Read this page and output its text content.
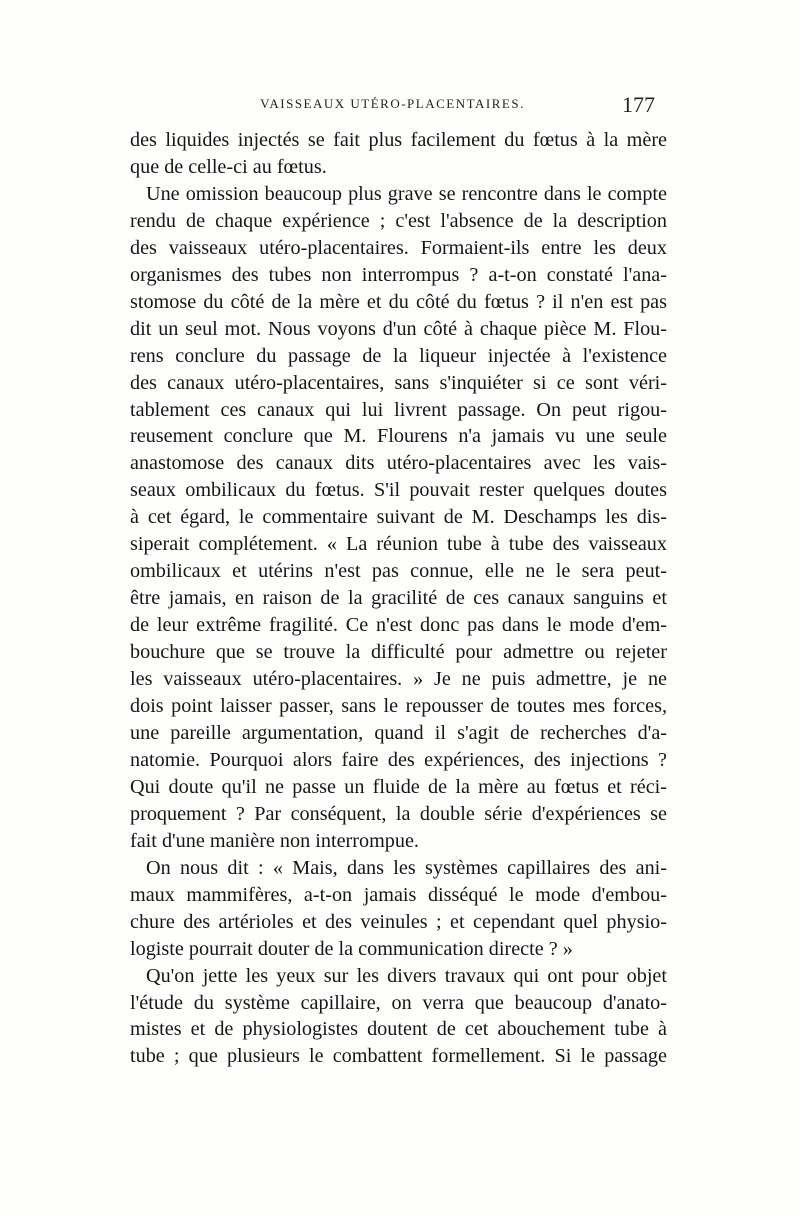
VAISSEAUX UTÉRO-PLACENTAIRES.	177

des liquides injectés se fait plus facilement du fœtus à la mère
que de celle-ci au fœtus.

Une omission beaucoup plus grave se rencontre dans le compte
rendu de chaque expérience ; c'est l'absence de la description
des vaisseaux utéro-placentaires. Formaient-ils entre les deux
organismes des tubes non interrompus ? a-t-on constaté l'ana-
stomose du côté de la mère et du côté du fœtus ? il n'en est pas
dit un seul mot. Nous voyons d'un côté à chaque pièce M. Flou-
rens conclure du passage de la liqueur injectée à l'existence
des canaux utéro-placentaires, sans s'inquiéter si ce sont véri-
tablement ces canaux qui lui livrent passage. On peut rigou-
reusement conclure que M. Flourens n'a jamais vu une seule
anastomose des canaux dits utéro-placentaires avec les vais-
seaux ombilicaux du fœtus. S'il pouvait rester quelques doutes
à cet égard, le commentaire suivant de M. Deschamps les dis-
siperait complétement. « La réunion tube à tube des vaisseaux
ombilicaux et utérins n'est pas connue, elle ne le sera peut-
être jamais, en raison de la gracilité de ces canaux sanguins et
de leur extrême fragilité. Ce n'est donc pas dans le mode d'em-
bouchure que se trouve la difficulté pour admettre ou rejeter
les vaisseaux utéro-placentaires. » Je ne puis admettre, je ne
dois point laisser passer, sans le repousser de toutes mes forces,
une pareille argumentation, quand il s'agit de recherches d'a-
natomie. Pourquoi alors faire des expériences, des injections ?
Qui doute qu'il ne passe un fluide de la mère au fœtus et réci-
proquement ? Par conséquent, la double série d'expériences se
fait d'une manière non interrompue.

On nous dit : « Mais, dans les systèmes capillaires des ani-
maux mammifères, a-t-on jamais disséqué le mode d'embou-
chure des artérioles et des veinules ; et cependant quel physio-
logiste pourrait douter de la communication directe ? »

Qu'on jette les yeux sur les divers travaux qui ont pour objet
l'étude du système capillaire, on verra que beaucoup d'anato-
mistes et de physiologistes doutent de cet abouchement tube à
tube ; que plusieurs le combattent formellement. Si le passage
